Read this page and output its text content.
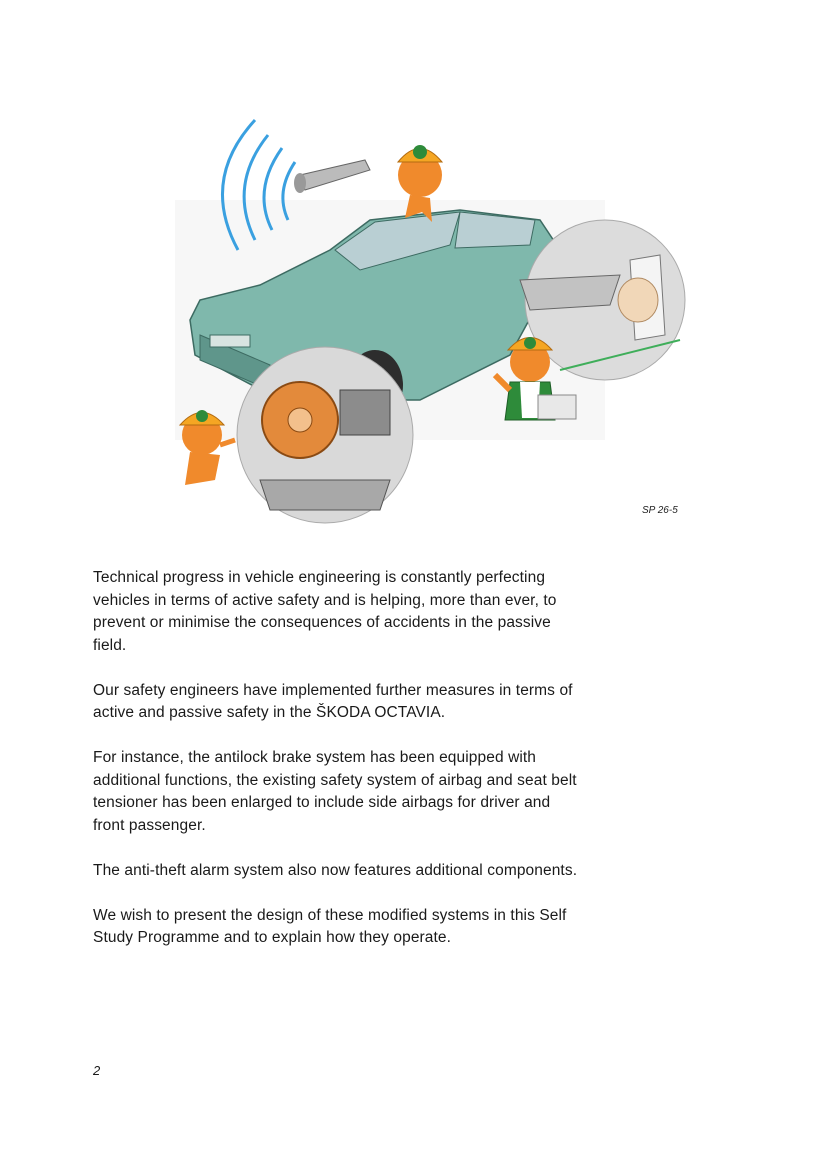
SP 26-5

Technical progress in vehicle engineering is constantly perfecting vehicles in terms of active safety and is helping, more than ever, to prevent or minimise the consequences of accidents in the passive field.

Our safety engineers have implemented further measures in terms of active and passive safety in the ŠKODA OCTAVIA.

For instance, the antilock brake system has been equipped with additional functions, the existing safety system of airbag and seat belt tensioner has been enlarged to include side airbags for driver and front passenger.

The anti-theft alarm system also now features additional components.

We wish to present the design of these modified systems in this Self Study Programme and to explain how they operate.

2
